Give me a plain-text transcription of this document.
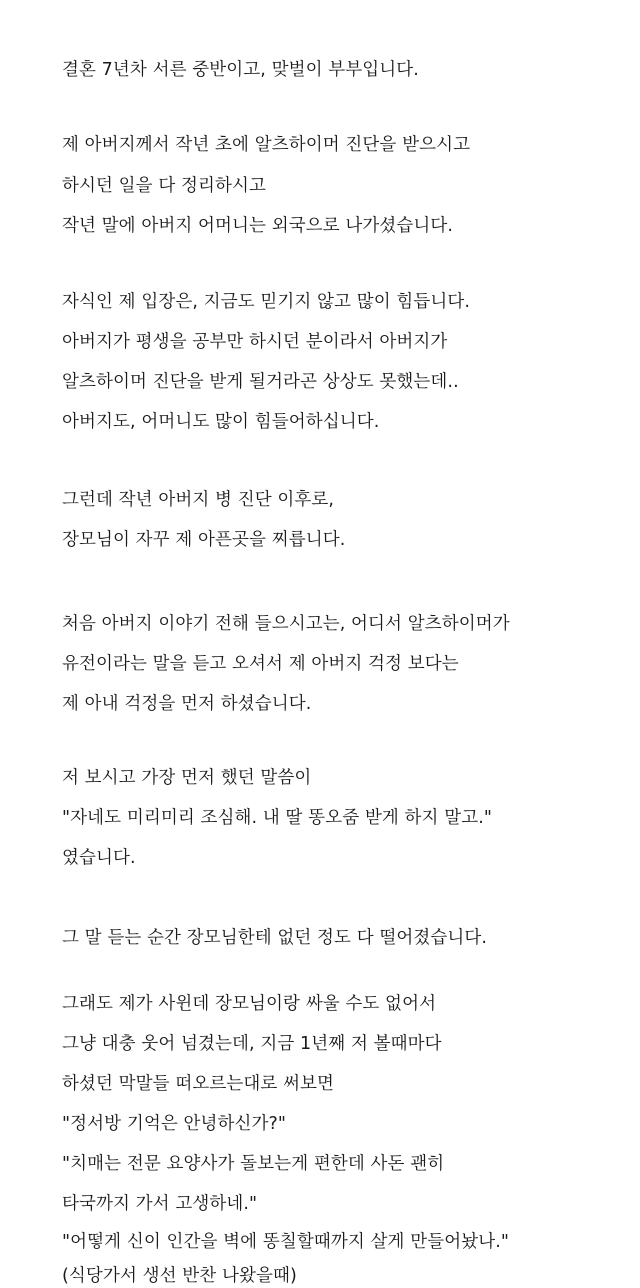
결혼 7년차 서른 중반이고, 맞벌이 부부입니다.
제 아버지께서 작년 초에 알츠하이머 진단을 받으시고
하시던 일을 다 정리하시고
작년 말에 아버지 어머니는 외국으로 나가셨습니다.
자식인 제 입장은, 지금도 믿기지 않고 많이 힘듭니다.
아버지가 평생을 공부만 하시던 분이라서 아버지가
알츠하이머 진단을 받게 될거라곤 상상도 못했는데..
아버지도, 어머니도 많이 힘들어하십니다.
그런데 작년 아버지 병 진단 이후로,
장모님이 자꾸 제 아픈곳을 찌릅니다.
처음 아버지 이야기 전해 들으시고는, 어디서 알츠하이머가
유전이라는 말을 듣고 오셔서 제 아버지 걱정 보다는
제 아내 걱정을 먼저 하셨습니다.
저 보시고 가장 먼저 했던 말씀이
"자네도 미리미리 조심해. 내 딸 똥오줌 받게 하지 말고."
였습니다.
그 말 듣는 순간 장모님한테 없던 정도 다 떨어졌습니다.
그래도 제가 사윈데 장모님이랑 싸울 수도 없어서
그냥 대충 웃어 넘겼는데, 지금 1년째 저 볼때마다
하셨던 막말들 떠오르는대로 써보면
"정서방 기억은 안녕하신가?"
"치매는 전문 요양사가 돌보는게 편한데 사돈 괜히
타국까지 가서 고생하네."
"어떻게 신이 인간을 벽에 똥칠할때까지 살게 만들어놨나."
(식당가서 생선 반찬 나왔을때)
